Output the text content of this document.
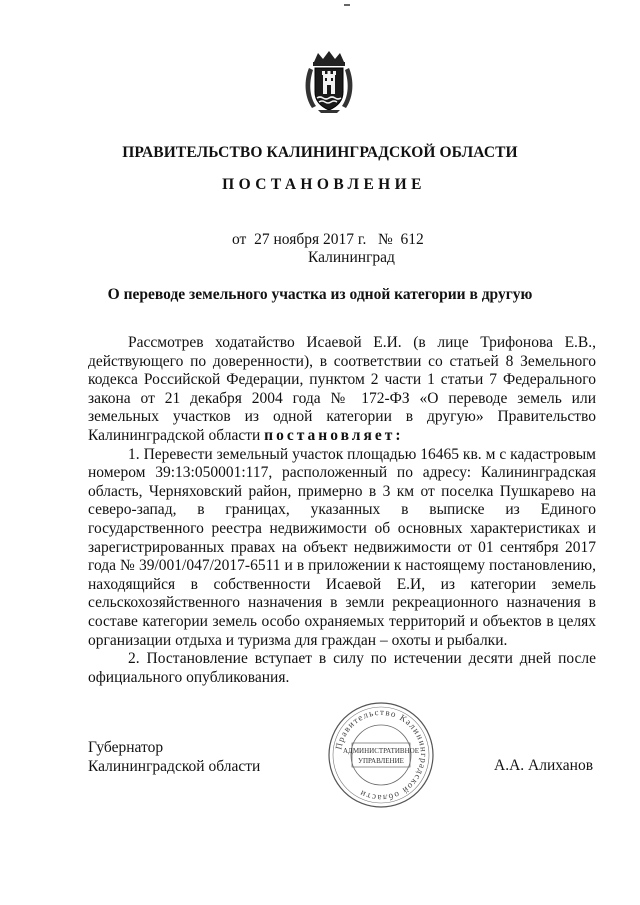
ПРАВИТЕЛЬСТВО КАЛИНИНГРАДСКОЙ ОБЛАСТИ
ПОСТАНОВЛЕНИЕ
от 27 ноября 2017 г. № 612
Калининград
О переводе земельного участка из одной категории в другую

Рассмотрев ходатайство Исаевой Е.И. (в лице Трифонова Е.В., действующего по доверенности), в соответствии со статьей 8 Земельного кодекса Российской Федерации, пунктом 2 части 1 статьи 7 Федерального закона от 21 декабря 2004 года № 172-ФЗ «О переводе земель или земельных участков из одной категории в другую» Правительство Калининградской области постановляет:

1. Перевести земельный участок площадью 16465 кв. м с кадастровым номером 39:13:050001:117, расположенный по адресу: Калининградская область, Черняховский район, примерно в 3 км от поселка Пушкарево на северо-запад, в границах, указанных в выписке из Единого государственного реестра недвижимости об основных характеристиках и зарегистрированных правах на объект недвижимости от 01 сентября 2017 года № 39/001/047/2017-6511 и в приложении к настоящему постановлению, находящийся в собственности Исаевой Е.И, из категории земель сельскохозяйственного назначения в земли рекреационного назначения в составе категории земель особо охраняемых территорий и объектов в целях организации отдыха и туризма для граждан – охоты и рыбалки.

2. Постановление вступает в силу по истечении десяти дней после официального опубликования.

Губернатор
Калининградской области
Правительство Калининградской области
АДМИНИСТРАТИВНОЕ
УПРАВЛЕНИЕ	А.А. Алиханов
